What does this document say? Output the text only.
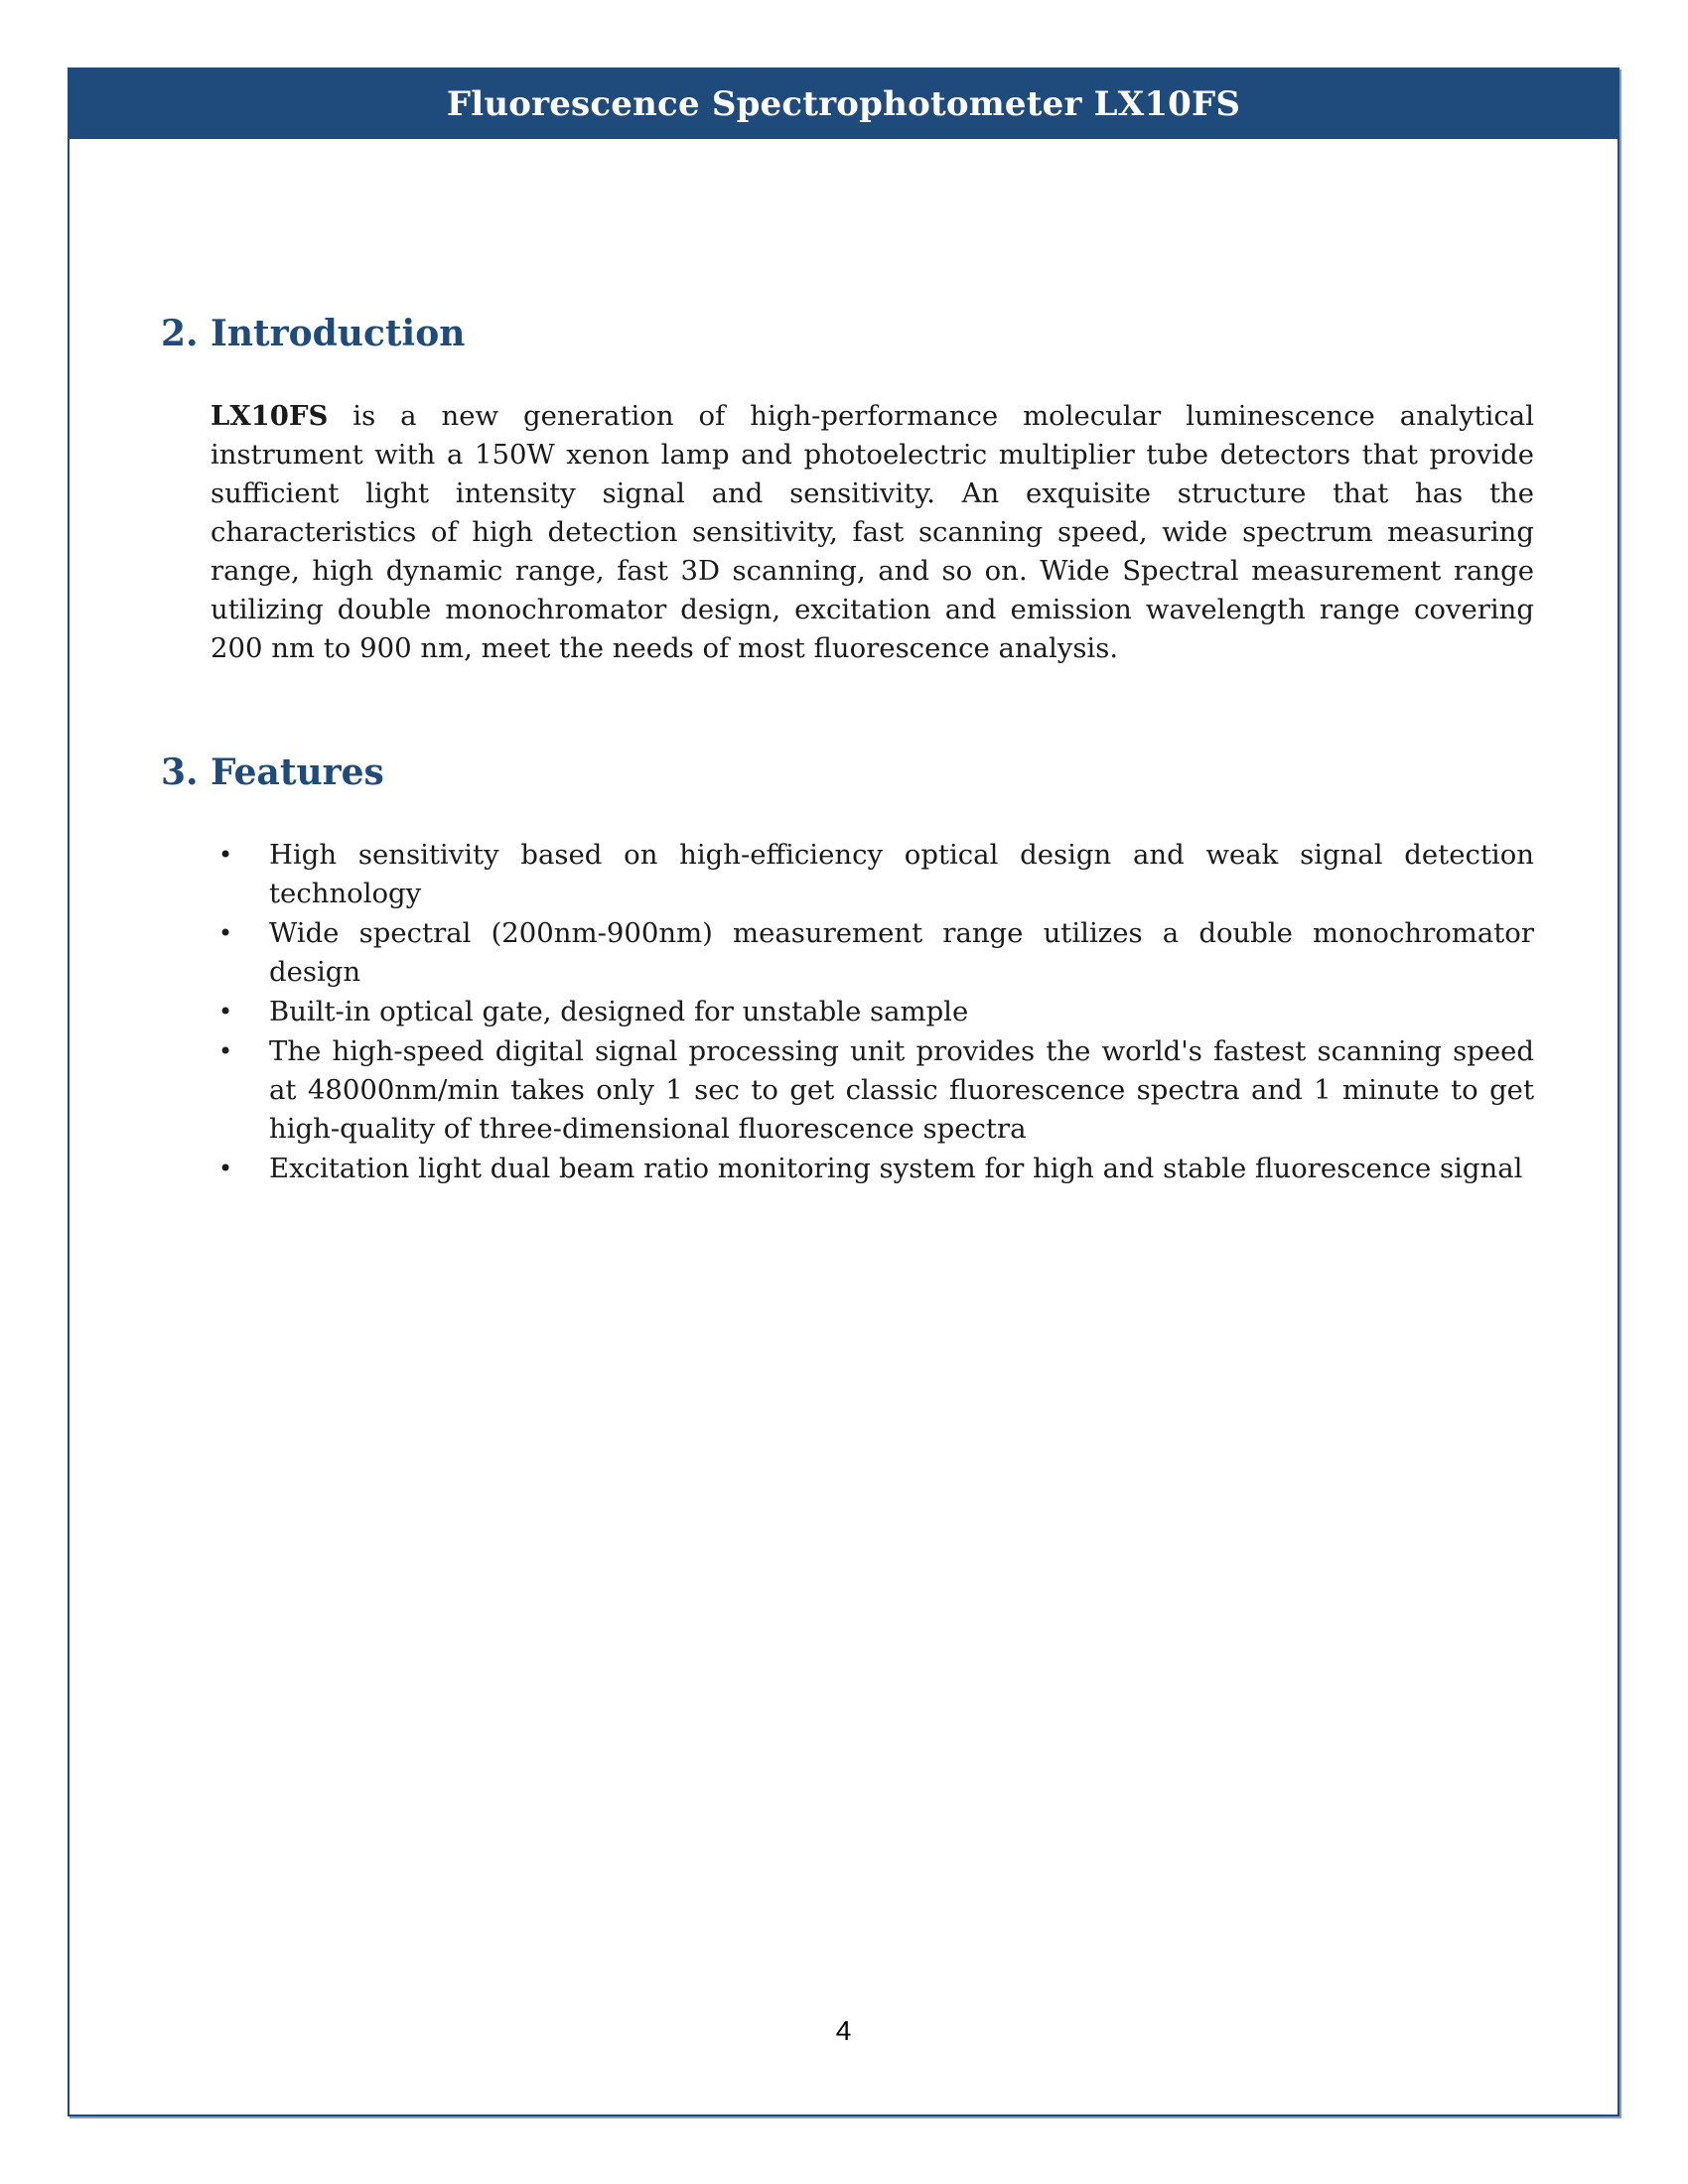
Fluorescence Spectrophotometer LX10FS
2. Introduction

LX10FS is a new generation of high-performance molecular luminescence analytical instrument with a 150W xenon lamp and photoelectric multiplier tube detectors that provide sufficient light intensity signal and sensitivity. An exquisite structure that has the characteristics of high detection sensitivity, fast scanning speed, wide spectrum measuring range, high dynamic range, fast 3D scanning, and so on. Wide Spectral measurement range utilizing double monochromator design, excitation and emission wavelength range covering 200 nm to 900 nm, meet the needs of most fluorescence analysis.

3. Features
• High sensitivity based on high-efficiency optical design and weak signal detection technology
• Wide spectral (200nm-900nm) measurement range utilizes a double monochromator design
• Built-in optical gate, designed for unstable sample
• The high-speed digital signal processing unit provides the world's fastest scanning speed at 48000nm/min takes only 1 sec to get classic fluorescence spectra and 1 minute to get high-quality of three-dimensional fluorescence spectra
• Excitation light dual beam ratio monitoring system for high and stable fluorescence signal
4
